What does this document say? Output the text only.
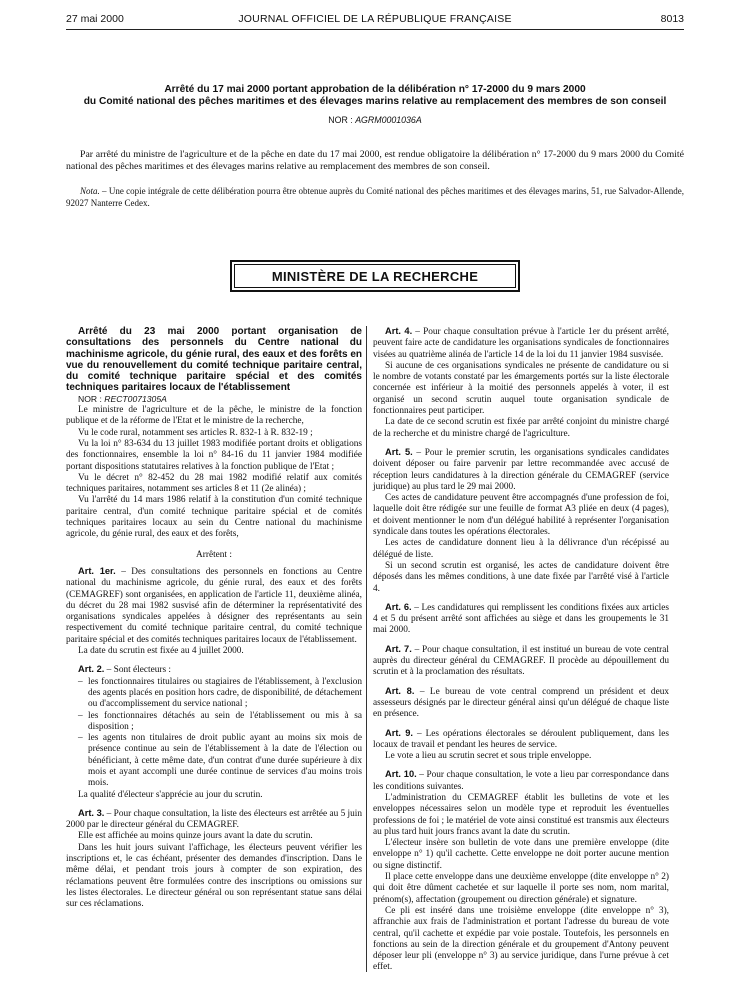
27 mai 2000	JOURNAL OFFICIEL DE LA RÉPUBLIQUE FRANÇAISE	8013

Arrêté du 17 mai 2000 portant approbation de la délibération n° 17-2000 du 9 mars 2000

du Comité national des pêches maritimes et des élevages marins relative au remplacement des membres de son conseil

NOR : AGRM0001036A

Par arrêté du ministre de l'agriculture et de la pêche en date du 17 mai 2000, est rendue obligatoire la délibération n° 17-2000 du 9 mars 2000 du Comité national des pêches maritimes et des élevages marins relative au remplacement des membres de son conseil.

Nota. – Une copie intégrale de cette délibération pourra être obtenue auprès du Comité national des pêches maritimes et des élevages marins, 51, rue Salvador-Allende, 92027 Nanterre Cedex.

MINISTÈRE DE LA RECHERCHE

Arrêté du 23 mai 2000 portant organisation de consultations des personnels du Centre national du machinisme agricole, du génie rural, des eaux et des forêts en vue du renouvellement du comité technique paritaire central, du comité technique paritaire spécial et des comités techniques paritaires locaux de l'établissement

NOR : RECT0071305A

Le ministre de l'agriculture et de la pêche, le ministre de la fonction publique et de la réforme de l'Etat et le ministre de la recherche,

Vu le code rural, notamment ses articles R. 832-1 à R. 832-19 ;

Vu la loi n° 83-634 du 13 juillet 1983 modifiée portant droits et obligations des fonctionnaires, ensemble la loi n° 84-16 du 11 janvier 1984 modifiée portant dispositions statutaires relatives à la fonction publique de l'Etat ;

Vu le décret n° 82-452 du 28 mai 1982 modifié relatif aux comités techniques paritaires, notamment ses articles 8 et 11 (2e alinéa) ;

Vu l'arrêté du 14 mars 1986 relatif à la constitution d'un comité technique paritaire central, d'un comité technique paritaire spécial et de comités techniques paritaires locaux au sein du Centre national du machinisme agricole, du génie rural, des eaux et des forêts,

Arrêtent :

Art. 1er. – Des consultations des personnels en fonctions au Centre national du machinisme agricole, du génie rural, des eaux et des forêts (CEMAGREF) sont organisées, en application de l'article 11, deuxième alinéa, du décret du 28 mai 1982 susvisé afin de déterminer la représentativité des organisations syndicales appelées à désigner des représentants au sein respectivement du comité technique paritaire central, du comité technique paritaire spécial et des comités techniques paritaires locaux de l'établissement.

La date du scrutin est fixée au 4 juillet 2000.

Art. 2. – Sont électeurs :

– les fonctionnaires titulaires ou stagiaires de l'établissement, à l'exclusion des agents placés en position hors cadre, de disponibilité, de détachement ou d'accomplissement du service national ;
– les fonctionnaires détachés au sein de l'établissement ou mis à sa disposition ;
– les agents non titulaires de droit public ayant au moins six mois de présence continue au sein de l'établissement à la date de l'élection ou bénéficiant, à cette même date, d'un contrat d'une durée supérieure à dix mois et ayant accompli une durée continue de services d'au moins trois mois.

La qualité d'électeur s'apprécie au jour du scrutin.

Art. 3. – Pour chaque consultation, la liste des électeurs est arrêtée au 5 juin 2000 par le directeur général du CEMAGREF.

Elle est affichée au moins quinze jours avant la date du scrutin.

Dans les huit jours suivant l'affichage, les électeurs peuvent vérifier les inscriptions et, le cas échéant, présenter des demandes d'inscription. Dans le même délai, et pendant trois jours à compter de son expiration, des réclamations peuvent être formulées contre des inscriptions ou omissions sur les listes électorales. Le directeur général ou son représentant statue sans délai sur ces réclamations.

Art. 4. – Pour chaque consultation prévue à l'article 1er du présent arrêté, peuvent faire acte de candidature les organisations syndicales de fonctionnaires visées au quatrième alinéa de l'article 14 de la loi du 11 janvier 1984 susvisée.

Si aucune de ces organisations syndicales ne présente de candidature ou si le nombre de votants constaté par les émargements portés sur la liste électorale concernée est inférieur à la moitié des personnels appelés à voter, il est organisé un second scrutin auquel toute organisation syndicale de fonctionnaires peut participer.

La date de ce second scrutin est fixée par arrêté conjoint du ministre chargé de la recherche et du ministre chargé de l'agriculture.

Art. 5. – Pour le premier scrutin, les organisations syndicales candidates doivent déposer ou faire parvenir par lettre recommandée avec accusé de réception leurs candidatures à la direction générale du CEMAGREF (service juridique) au plus tard le 29 mai 2000.

Ces actes de candidature peuvent être accompagnés d'une profession de foi, laquelle doit être rédigée sur une feuille de format A3 pliée en deux (4 pages), et doivent mentionner le nom d'un délégué habilité à représenter l'organisation syndicale dans toutes les opérations électorales.

Les actes de candidature donnent lieu à la délivrance d'un récépissé au délégué de liste.

Si un second scrutin est organisé, les actes de candidature doivent être déposés dans les mêmes conditions, à une date fixée par l'arrêté visé à l'article 4.

Art. 6. – Les candidatures qui remplissent les conditions fixées aux articles 4 et 5 du présent arrêté sont affichées au siège et dans les groupements le 31 mai 2000.

Art. 7. – Pour chaque consultation, il est institué un bureau de vote central auprès du directeur général du CEMAGREF. Il procède au dépouillement du scrutin et à la proclamation des résultats.

Art. 8. – Le bureau de vote central comprend un président et deux assesseurs désignés par le directeur général ainsi qu'un délégué de chaque liste en présence.

Art. 9. – Les opérations électorales se déroulent publiquement, dans les locaux de travail et pendant les heures de service.

Le vote a lieu au scrutin secret et sous triple enveloppe.

Art. 10. – Pour chaque consultation, le vote a lieu par correspondance dans les conditions suivantes.

L'administration du CEMAGREF établit les bulletins de vote et les enveloppes nécessaires selon un modèle type et reproduit les éventuelles professions de foi ; le matériel de vote ainsi constitué est transmis aux électeurs au plus tard huit jours francs avant la date du scrutin.

L'électeur insère son bulletin de vote dans une première enveloppe (dite enveloppe n° 1) qu'il cachette. Cette enveloppe ne doit porter aucune mention ou signe distinctif.

Il place cette enveloppe dans une deuxième enveloppe (dite enveloppe n° 2) qui doit être dûment cachetée et sur laquelle il porte ses nom, nom marital, prénom(s), affectation (groupement ou direction générale) et signature.

Ce pli est inséré dans une troisième enveloppe (dite enveloppe n° 3), affranchie aux frais de l'administration et portant l'adresse du bureau de vote central, qu'il cachette et expédie par voie postale. Toutefois, les personnels en fonctions au sein de la direction générale et du groupement d'Antony peuvent déposer leur pli (enveloppe n° 3) au service juridique, dans l'urne prévue à cet effet.
